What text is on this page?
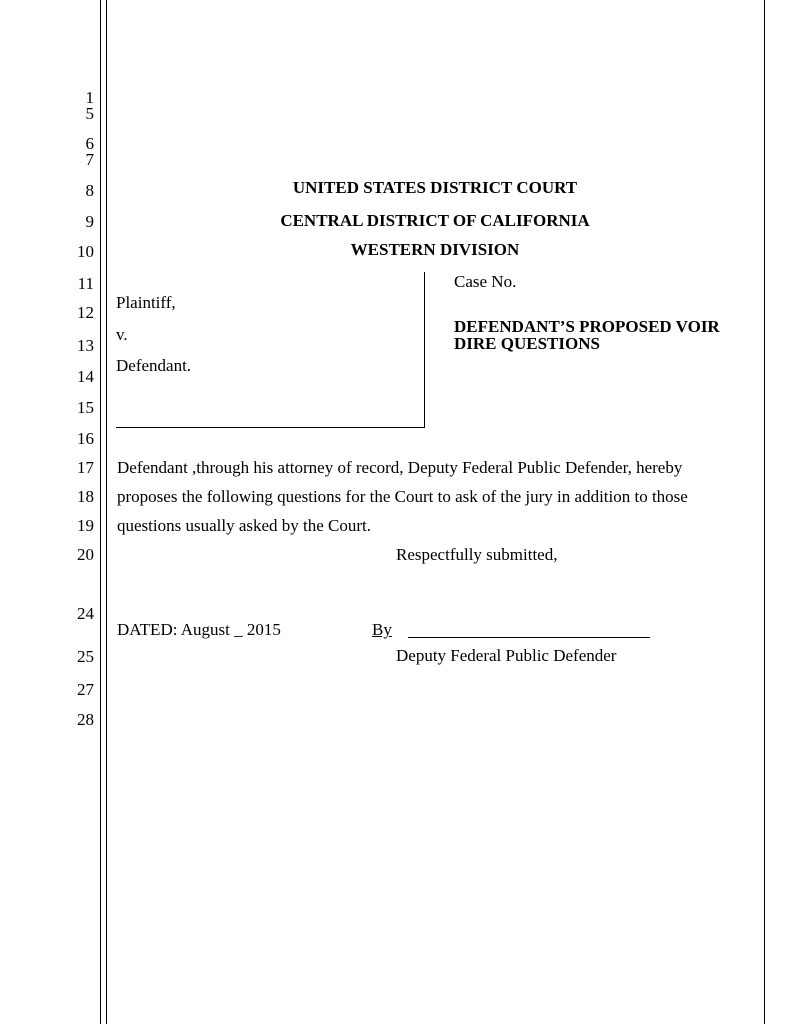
1
5
6
7
8
9
10
11
12
13
14
15
16
17
18
19
20
24
25
27
28
UNITED STATES DISTRICT COURT
CENTRAL DISTRICT OF CALIFORNIA
WESTERN DIVISION
Plaintiff,
v.
Defendant.
Case No.
DEFENDANT’S PROPOSED VOIR
DIRE QUESTIONS
Defendant ,through his attorney of record, Deputy Federal Public Defender, hereby
proposes the following questions for the Court to ask of the jury in addition to those
questions usually asked by the Court.
Respectfully submitted,
DATED: August _ 2015	By
Deputy Federal Public Defender
